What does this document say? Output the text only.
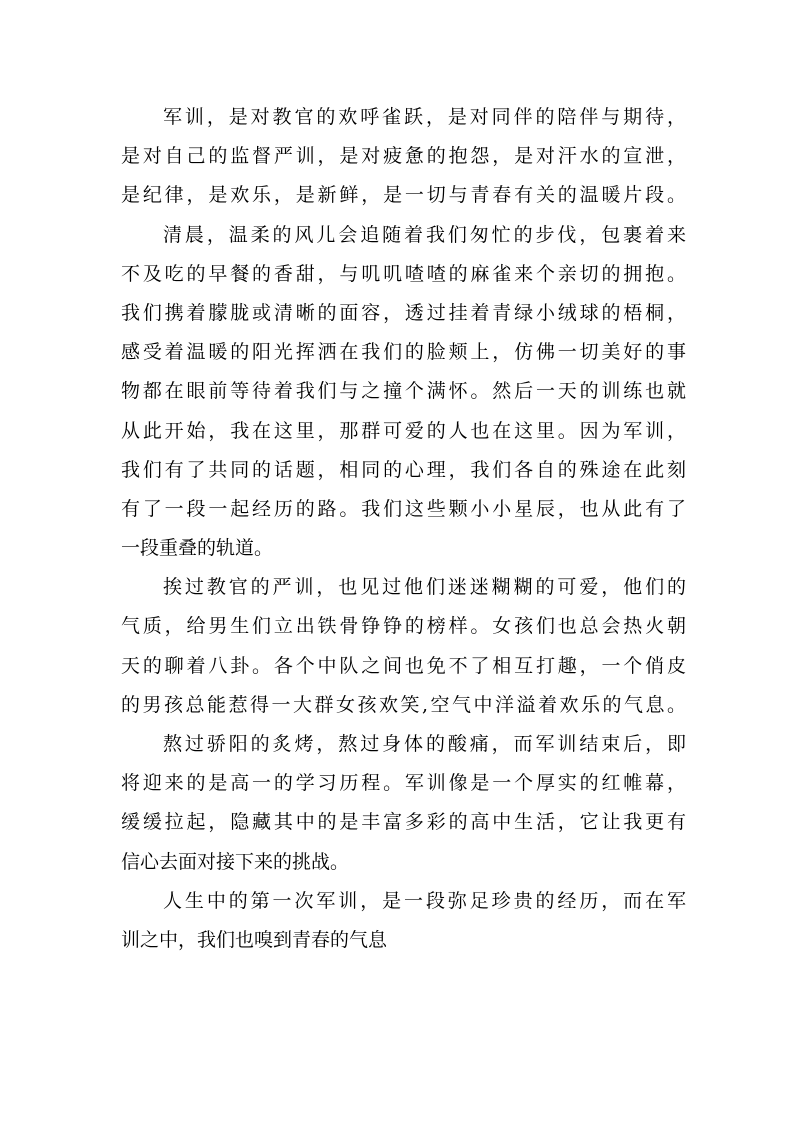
军训，是对教官的欢呼雀跃，是对同伴的陪伴与期待，
是对自己的监督严训，是对疲惫的抱怨，是对汗水的宣泄，
是纪律，是欢乐，是新鲜，是一切与青春有关的温暖片段。
清晨，温柔的风儿会追随着我们匆忙的步伐，包裹着来
不及吃的早餐的香甜，与叽叽喳喳的麻雀来个亲切的拥抱。
我们携着朦胧或清晰的面容，透过挂着青绿小绒球的梧桐，
感受着温暖的阳光挥洒在我们的脸颊上，仿佛一切美好的事
物都在眼前等待着我们与之撞个满怀。然后一天的训练也就
从此开始，我在这里，那群可爱的人也在这里。因为军训，
我们有了共同的话题，相同的心理，我们各自的殊途在此刻
有了一段一起经历的路。我们这些颗小小星辰，也从此有了
一段重叠的轨道。
挨过教官的严训，也见过他们迷迷糊糊的可爱，他们的
气质，给男生们立出铁骨铮铮的榜样。女孩们也总会热火朝
天的聊着八卦。各个中队之间也免不了相互打趣，一个俏皮
的男孩总能惹得一大群女孩欢笑,空气中洋溢着欢乐的气息。
熬过骄阳的炙烤，熬过身体的酸痛，而军训结束后，即
将迎来的是高一的学习历程。军训像是一个厚实的红帷幕，
缓缓拉起，隐藏其中的是丰富多彩的高中生活，它让我更有
信心去面对接下来的挑战。
人生中的第一次军训，是一段弥足珍贵的经历，而在军
训之中，我们也嗅到青春的气息
